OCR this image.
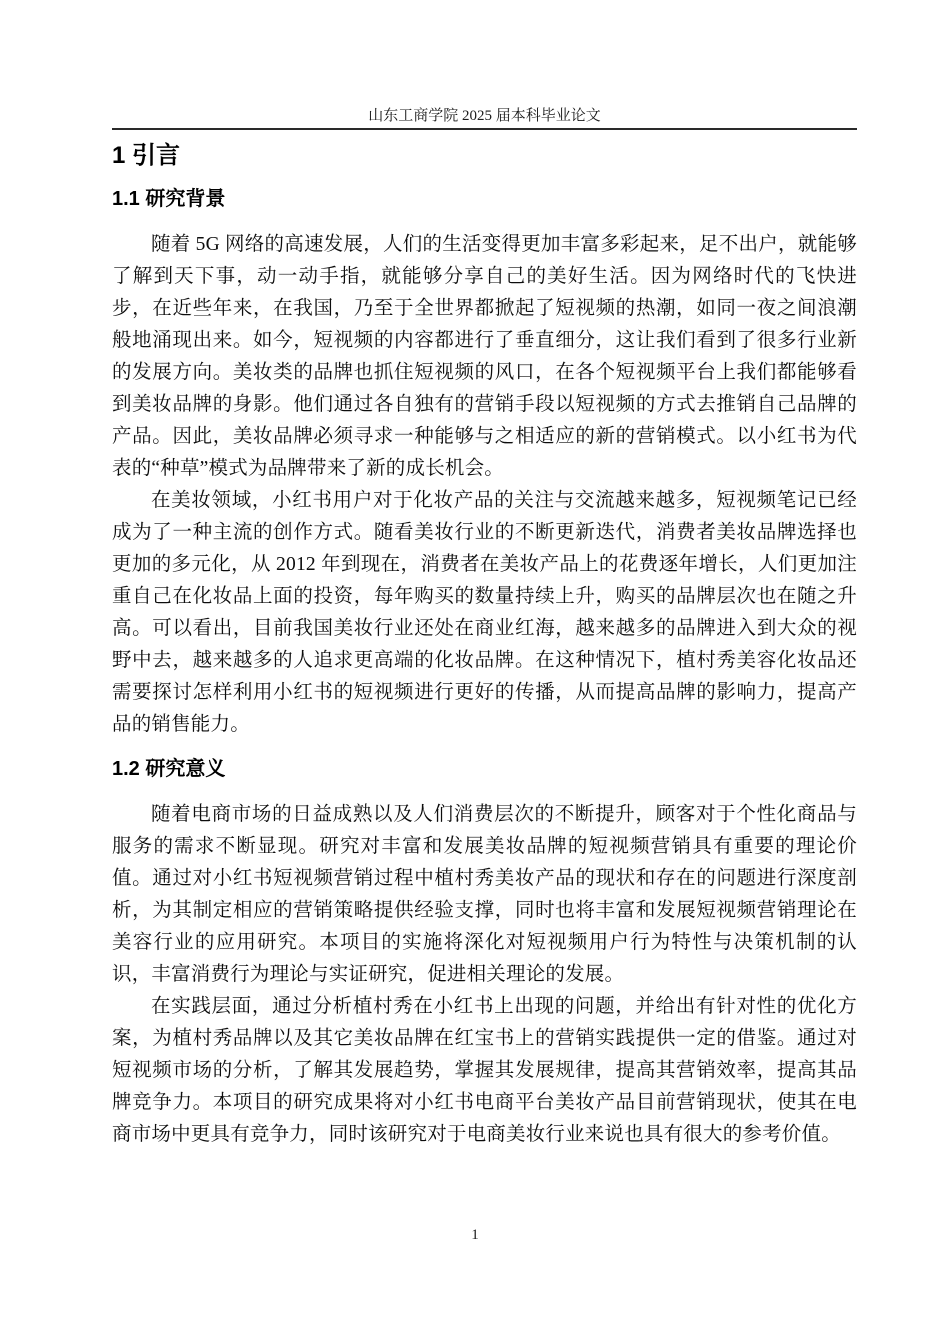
山东工商学院 2025 届本科毕业论文
1 引言
1.1 研究背景

随着 5G 网络的高速发展，人们的生活变得更加丰富多彩起来，足不出户，就能够了解到天下事，动一动手指，就能够分享自己的美好生活。因为网络时代的飞快进步，在近些年来，在我国，乃至于全世界都掀起了短视频的热潮，如同一夜之间浪潮般地涌现出来。如今，短视频的内容都进行了垂直细分，这让我们看到了很多行业新的发展方向。美妆类的品牌也抓住短视频的风口，在各个短视频平台上我们都能够看到美妆品牌的身影。他们通过各自独有的营销手段以短视频的方式去推销自己品牌的产品。因此，美妆品牌必须寻求一种能够与之相适应的新的营销模式。以小红书为代表的“种草”模式为品牌带来了新的成长机会。

在美妆领域，小红书用户对于化妆产品的关注与交流越来越多，短视频笔记已经成为了一种主流的创作方式。随看美妆行业的不断更新迭代，消费者美妆品牌选择也更加的多元化，从 2012 年到现在，消费者在美妆产品上的花费逐年增长，人们更加注重自己在化妆品上面的投资，每年购买的数量持续上升，购买的品牌层次也在随之升高。可以看出，目前我国美妆行业还处在商业红海，越来越多的品牌进入到大众的视野中去，越来越多的人追求更高端的化妆品牌。在这种情况下，植村秀美容化妆品还需要探讨怎样利用小红书的短视频进行更好的传播，从而提高品牌的影响力，提高产品的销售能力。

1.2 研究意义

随着电商市场的日益成熟以及人们消费层次的不断提升，顾客对于个性化商品与服务的需求不断显现。研究对丰富和发展美妆品牌的短视频营销具有重要的理论价值。通过对小红书短视频营销过程中植村秀美妆产品的现状和存在的问题进行深度剖析，为其制定相应的营销策略提供经验支撑，同时也将丰富和发展短视频营销理论在美容行业的应用研究。本项目的实施将深化对短视频用户行为特性与决策机制的认识，丰富消费行为理论与实证研究，促进相关理论的发展。

在实践层面，通过分析植村秀在小红书上出现的问题，并给出有针对性的优化方案，为植村秀品牌以及其它美妆品牌在红宝书上的营销实践提供一定的借鉴。通过对短视频市场的分析，了解其发展趋势，掌握其发展规律，提高其营销效率，提高其品牌竞争力。本项目的研究成果将对小红书电商平台美妆产品目前营销现状，使其在电商市场中更具有竞争力，同时该研究对于电商美妆行业来说也具有很大的参考价值。

1
